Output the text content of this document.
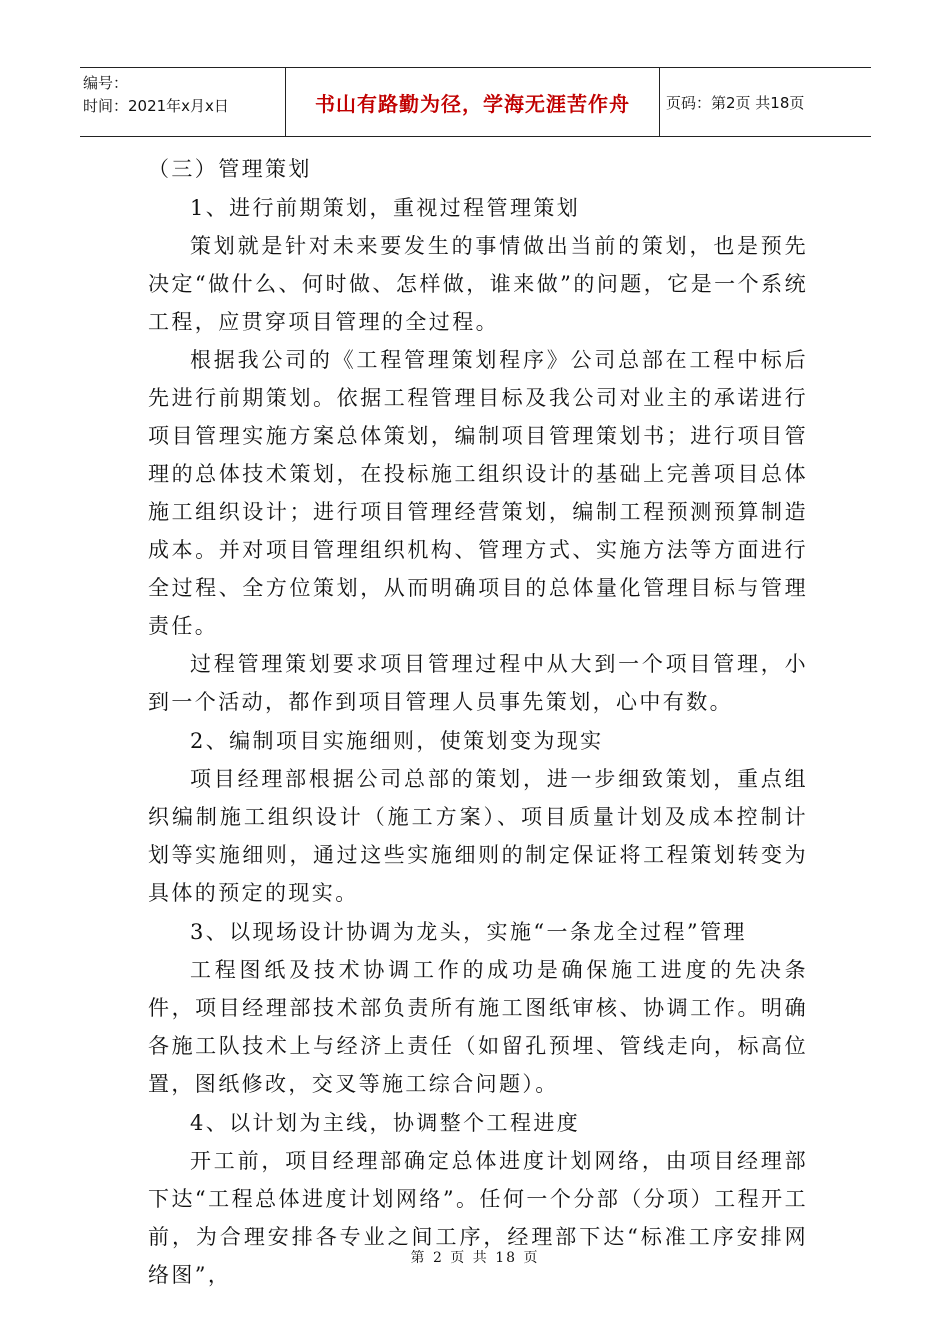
编号：
时间：2021年x月x日	书山有路勤为径，学海无涯苦作舟	页码：第2页 共18页

（三）管理策划

1、进行前期策划，重视过程管理策划

策划就是针对未来要发生的事情做出当前的策划，也是预先决定“做什么、何时做、怎样做，谁来做”的问题，它是一个系统工程，应贯穿项目管理的全过程。

根据我公司的《工程管理策划程序》公司总部在工程中标后先进行前期策划。依据工程管理目标及我公司对业主的承诺进行项目管理实施方案总体策划，编制项目管理策划书；进行项目管理的总体技术策划，在投标施工组织设计的基础上完善项目总体施工组织设计；进行项目管理经营策划，编制工程预测预算制造成本。并对项目管理组织机构、管理方式、实施方法等方面进行全过程、全方位策划，从而明确项目的总体量化管理目标与管理责任。

过程管理策划要求项目管理过程中从大到一个项目管理，小到一个活动，都作到项目管理人员事先策划，心中有数。

2、编制项目实施细则，使策划变为现实

项目经理部根据公司总部的策划，进一步细致策划，重点组织编制施工组织设计（施工方案）、项目质量计划及成本控制计划等实施细则，通过这些实施细则的制定保证将工程策划转变为具体的预定的现实。

3、以现场设计协调为龙头，实施“一条龙全过程”管理

工程图纸及技术协调工作的成功是确保施工进度的先决条件，项目经理部技术部负责所有施工图纸审核、协调工作。明确各施工队技术上与经济上责任（如留孔预埋、管线走向，标高位置，图纸修改，交叉等施工综合问题）。

4、以计划为主线，协调整个工程进度

开工前，项目经理部确定总体进度计划网络，由项目经理部下达“工程总体进度计划网络”。任何一个分部（分项）工程开工前，为合理安排各专业之间工序，经理部下达“标准工序安排网络图”，

第 2 页 共 18 页
